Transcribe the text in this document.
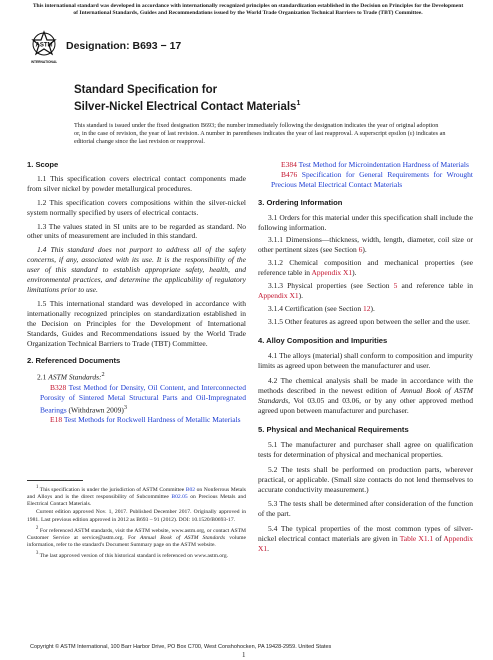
This international standard was developed in accordance with internationally recognized principles on standardization established in the Decision on Principles for the Development of International Standards, Guides and Recommendations issued by the World Trade Organization Technical Barriers to Trade (TBT) Committee.
ASTM
INTERNATIONAL
Designation: B693 − 17
Standard Specification for
Silver-Nickel Electrical Contact Materials$^1$
This standard is issued under the fixed designation B693; the number immediately following the designation indicates the year of original adoption or, in the case of revision, the year of last revision. A number in parentheses indicates the year of last reapproval. A superscript epsilon (ε) indicates an editorial change since the last revision or reapproval.
1. Scope

1.1 This specification covers electrical contact components made from silver nickel by powder metallurgical procedures.

1.2 This specification covers compositions within the silver-nickel system normally specified by users of electrical contacts.

1.3 The values stated in SI units are to be regarded as standard. No other units of measurement are included in this standard.

1.4 This standard does not purport to address all of the safety concerns, if any, associated with its use. It is the responsibility of the user of this standard to establish appropriate safety, health, and environmental practices, and determine the applicability of regulatory limitations prior to use.

1.5 This international standard was developed in accordance with internationally recognized principles on standardization established in the Decision on Principles for the Development of International Standards, Guides and Recommendations issued by the World Trade Organization Technical Barriers to Trade (TBT) Committee.

2. Referenced Documents

2.1 ASTM Standards:$^2$

B328 Test Method for Density, Oil Content, and Interconnected Porosity of Sintered Metal Structural Parts and Oil-Impregnated Bearings (Withdrawn 2009)$^3$

E18 Test Methods for Rockwell Hardness of Metallic Materials

$^1$ This specification is under the jurisdiction of ASTM Committee B02 on Nonferrous Metals and Alloys and is the direct responsibility of Subcommittee B02.05 on Precious Metals and Electrical Contact Materials.

Current edition approved Nov. 1, 2017. Published December 2017. Originally approved in 1981. Last previous edition approved in 2012 as B693 – 91 (2012). DOI: 10.1520/B0693-17.

$^2$ For referenced ASTM standards, visit the ASTM website, www.astm.org, or contact ASTM Customer Service at service@astm.org. For Annual Book of ASTM Standards volume information, refer to the standard's Document Summary page on the ASTM website.

$^3$ The last approved version of this historical standard is referenced on www.astm.org.

E384 Test Method for Microindentation Hardness of Materials

B476 Specification for General Requirements for Wrought Precious Metal Electrical Contact Materials

3. Ordering Information

3.1 Orders for this material under this specification shall include the following information.

3.1.1 Dimensions—thickness, width, length, diameter, coil size or other pertinent sizes (see Section 6).

3.1.2 Chemical composition and mechanical properties (see reference table in Appendix X1).

3.1.3 Physical properties (see Section 5 and reference table in Appendix X1).

3.1.4 Certification (see Section 12).

3.1.5 Other features as agreed upon between the seller and the user.

4. Alloy Composition and Impurities

4.1 The alloys (material) shall conform to composition and impurity limits as agreed upon between the manufacturer and user.

4.2 The chemical analysis shall be made in accordance with the methods described in the newest edition of Annual Book of ASTM Standards, Vol 03.05 and 03.06, or by any other approved method agreed upon between manufacturer and purchaser.

5. Physical and Mechanical Requirements

5.1 The manufacturer and purchaser shall agree on qualification tests for determination of physical and mechanical properties.

5.2 The tests shall be performed on production parts, wherever practical, or applicable. (Small size contacts do not lend themselves to accurate conductivity measurement.)

5.3 The tests shall be determined after consideration of the function of the part.

5.4 The typical properties of the most common types of silver-nickel electrical contact materials are given in Table X1.1 of Appendix X1.

Copyright © ASTM International, 100 Barr Harbor Drive, PO Box C700, West Conshohocken, PA 19428-2959. United States
1
